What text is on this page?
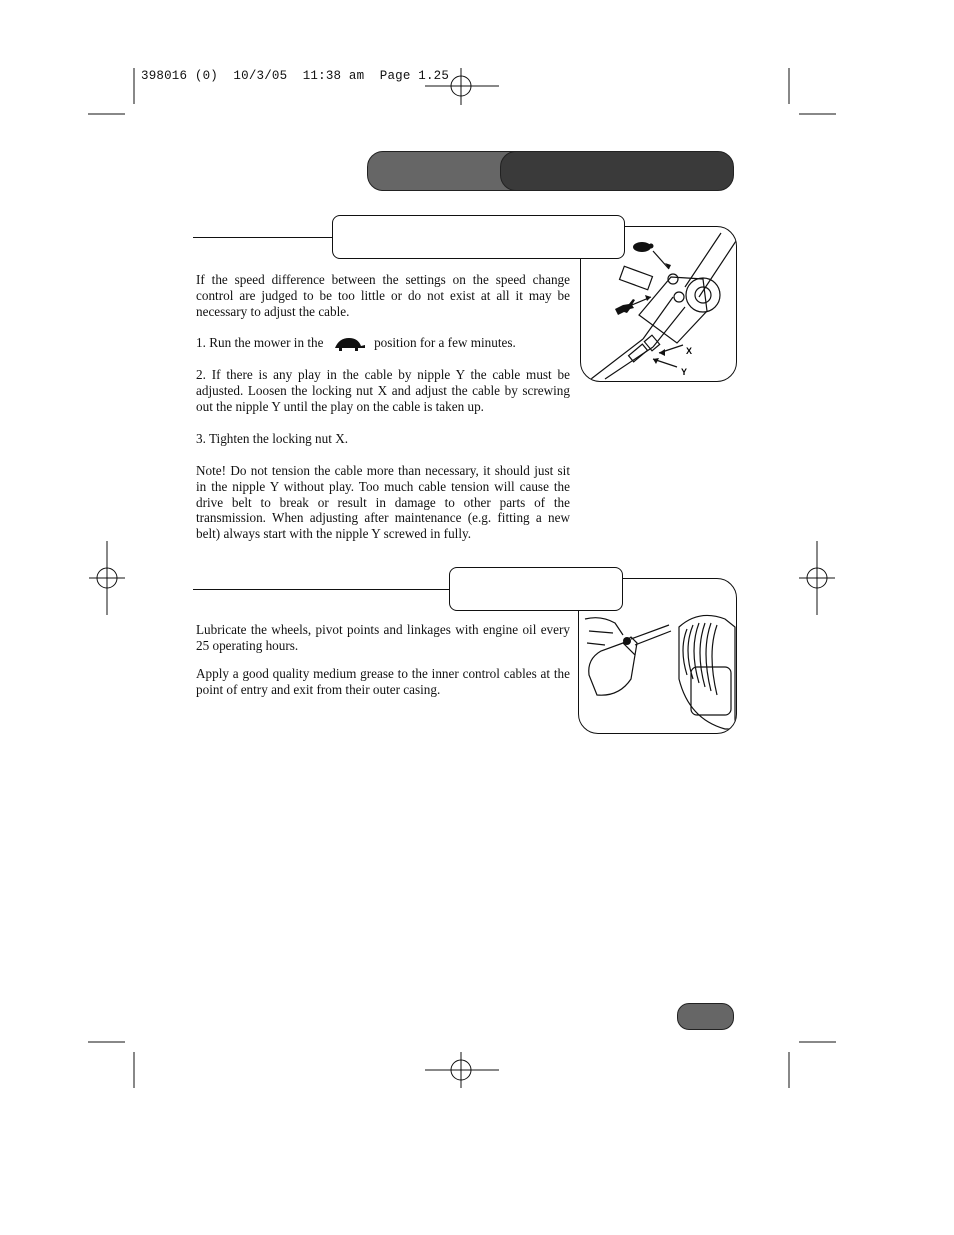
398016 (0)  10/3/05  11:38 am  Page 1.25
X
Y

If the speed difference between the settings on the speed change control are judged to be too little or do not exist at all it may be necessary to adjust the cable.

1. Run the mower in the	position for a few minutes.

2. If there is any play in the cable by nipple Y the cable must be adjusted. Loosen the locking nut X and adjust the cable by screwing out the nipple Y until the play on the cable is taken up.

3. Tighten the locking nut X.

Note! Do not tension the cable more than necessary, it should just sit in the nipple Y without play. Too much cable tension will cause the drive belt to break or result in damage to other parts of the transmission. When adjusting after maintenance (e.g. fitting a new belt) always start with the nipple Y screwed in fully.

Lubricate the wheels, pivot points and linkages with engine oil every 25 operating hours.

Apply a good quality medium grease to the inner control cables at the point of entry and exit from their outer casing.
